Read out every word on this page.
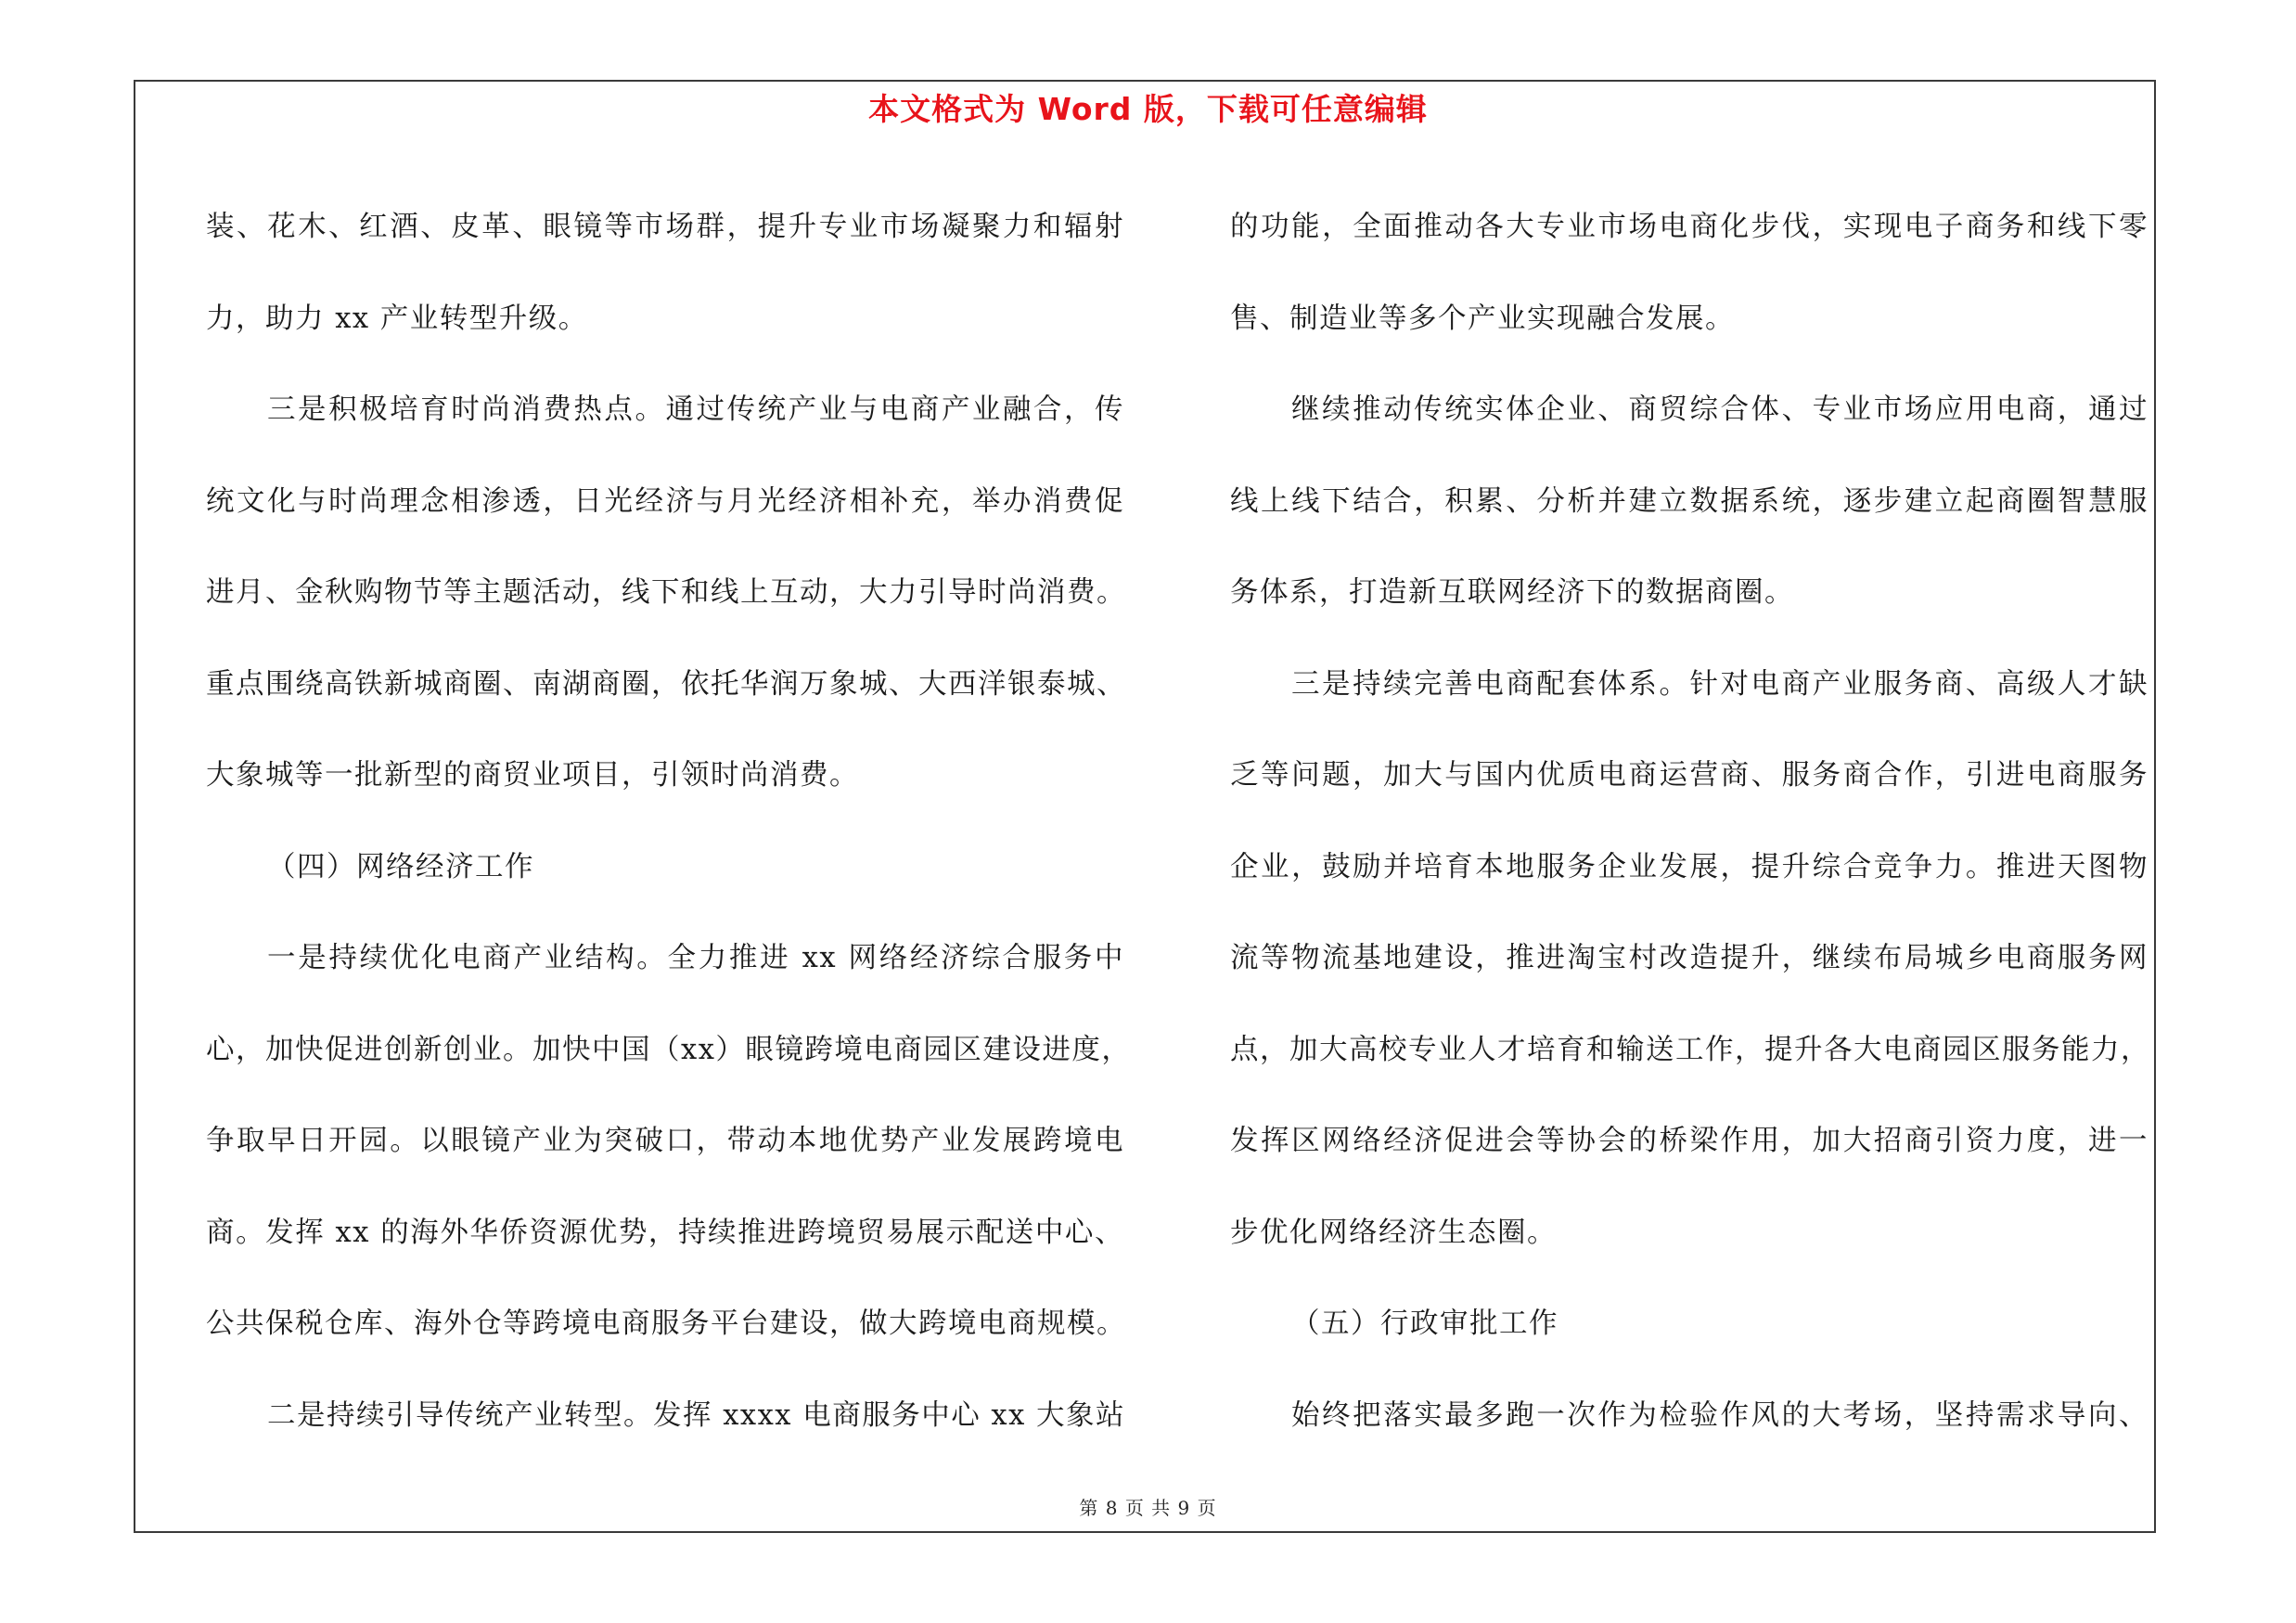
本文格式为 Word 版，下载可任意编辑
装、花木、红酒、皮革、眼镜等市场群，提升专业市场凝聚力和辐射
力，助力 xx 产业转型升级。
三是积极培育时尚消费热点。通过传统产业与电商产业融合，传
统文化与时尚理念相渗透，日光经济与月光经济相补充，举办消费促
进月、金秋购物节等主题活动，线下和线上互动，大力引导时尚消费。
重点围绕高铁新城商圈、南湖商圈，依托华润万象城、大西洋银泰城、
大象城等一批新型的商贸业项目，引领时尚消费。
（四）网络经济工作
一是持续优化电商产业结构。全力推进 xx 网络经济综合服务中
心，加快促进创新创业。加快中国（xx）眼镜跨境电商园区建设进度，
争取早日开园。以眼镜产业为突破口，带动本地优势产业发展跨境电
商。发挥 xx 的海外华侨资源优势，持续推进跨境贸易展示配送中心、
公共保税仓库、海外仓等跨境电商服务平台建设，做大跨境电商规模。
二是持续引导传统产业转型。发挥 xxxx 电商服务中心 xx 大象站
的功能，全面推动各大专业市场电商化步伐，实现电子商务和线下零
售、制造业等多个产业实现融合发展。
继续推动传统实体企业、商贸综合体、专业市场应用电商，通过
线上线下结合，积累、分析并建立数据系统，逐步建立起商圈智慧服
务体系，打造新互联网经济下的数据商圈。
三是持续完善电商配套体系。针对电商产业服务商、高级人才缺
乏等问题，加大与国内优质电商运营商、服务商合作，引进电商服务
企业，鼓励并培育本地服务企业发展，提升综合竞争力。推进天图物
流等物流基地建设，推进淘宝村改造提升，继续布局城乡电商服务网
点，加大高校专业人才培育和输送工作，提升各大电商园区服务能力，
发挥区网络经济促进会等协会的桥梁作用，加大招商引资力度，进一
步优化网络经济生态圈。
（五）行政审批工作
始终把落实最多跑一次作为检验作风的大考场，坚持需求导向、
第 8 页 共 9 页
